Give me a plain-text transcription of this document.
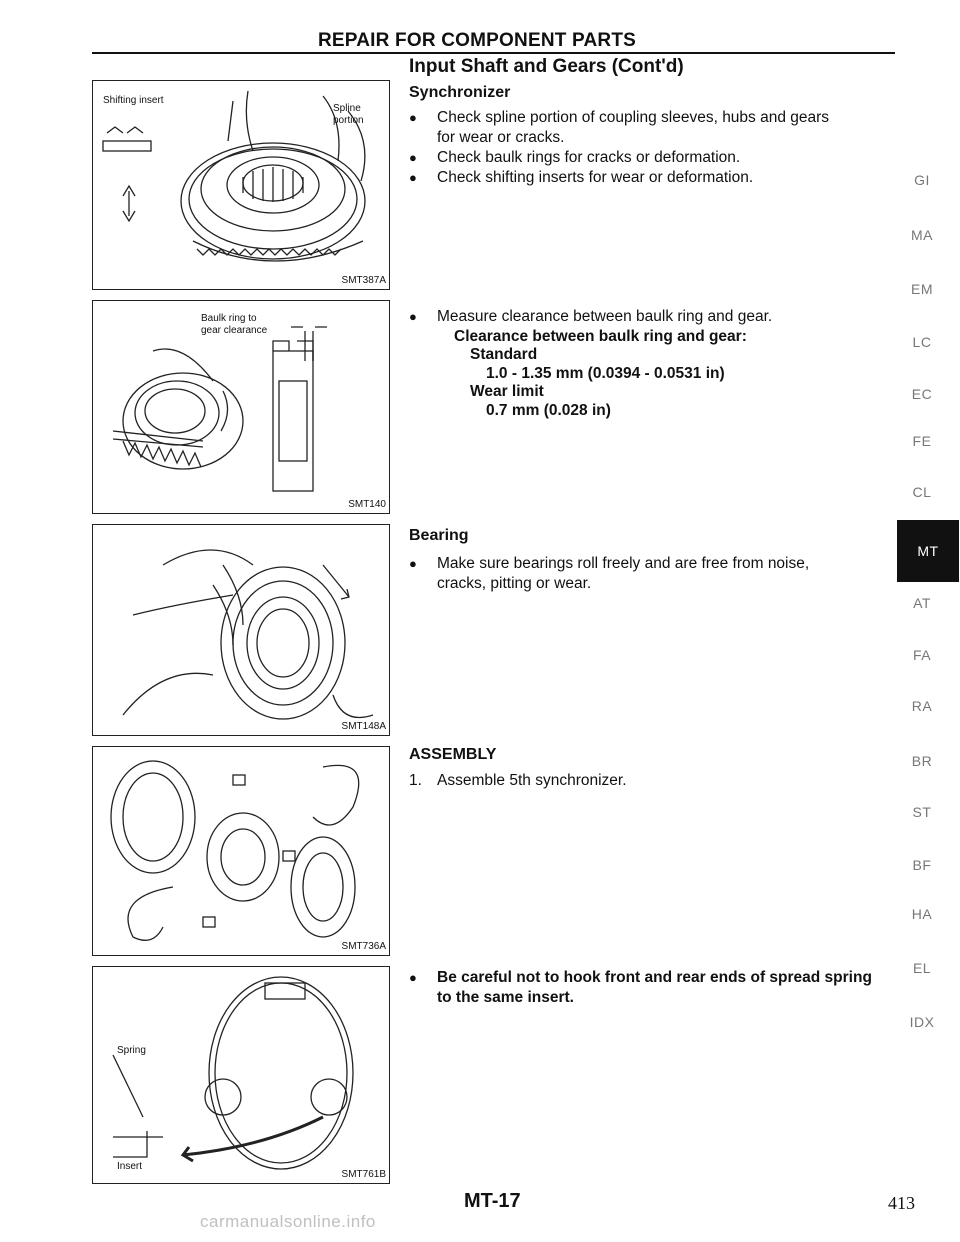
REPAIR FOR COMPONENT PARTS
Input Shaft and Gears (Cont'd)
Synchronizer
●	Check spline portion of coupling sleeves, hubs and gears
for wear or cracks.
●	Check baulk rings for cracks or deformation.
●	Check shifting inserts for wear or deformation.
●	Measure clearance between baulk ring and gear.
Clearance between baulk ring and gear:
Standard
1.0 - 1.35 mm (0.0394 - 0.0531 in)
Wear limit
0.7 mm (0.028 in)
Bearing
●	Make sure bearings roll freely and are free from noise,
cracks, pitting or wear.
ASSEMBLY
1. Assemble 5th synchronizer.
●	Be careful not to hook front and rear ends of spread spring
to the same insert.
Shifting insert
Spline
portion
SMT387A
Baulk ring to
gear clearance
SMT140
SMT148A
SMT736A
Spring
Insert
SMT761B
GI
MA
EM
LC
EC
FE
CL
MT
AT
FA
RA
BR
ST
BF
HA
EL
IDX
MT-17	413
carmanualsonline.info
